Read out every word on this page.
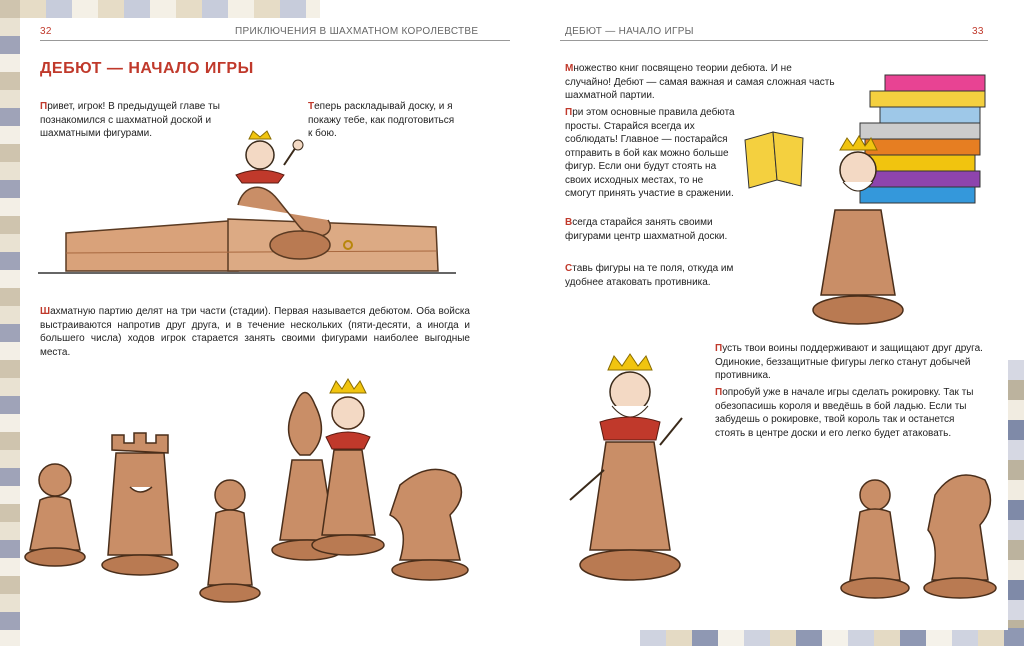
32	ПРИКЛЮЧЕНИЯ В ШАХМАТНОМ КОРОЛЕВСТВЕ
ДЕБЮТ — НАЧАЛО ИГРЫ

Привет, игрок! В предыдущей главе ты познакомился с шахматной доской и шахматными фигурами.

Теперь раскладывай доску, и я покажу тебе, как подготовиться к бою.

Шахматную партию делят на три части (стадии). Первая называется дебютом. Оба войска выстраиваются напротив друг друга, и в течение нескольких (пяти-десяти, а иногда и большего числа) ходов игрок старается занять своими фигурами наиболее выгодные места.

ДЕБЮТ — НАЧАЛО ИГРЫ	33

Множество книг посвящено теории дебюта. И не случайно! Дебют — самая важная и самая сложная часть шахматной партии.

При этом основные правила дебюта просты. Старайся всегда их соблюдать! Главное — постарайся отправить в бой как можно больше фигур. Если они будут стоять на своих исходных местах, то не смогут принять участие в сражении.

Всегда старайся занять своими фигурами центр шахматной доски.

Ставь фигуры на те поля, откуда им удобнее атаковать противника.

Пусть твои воины поддерживают и защищают друг друга. Одинокие, беззащитные фигуры легко станут добычей противника.

Попробуй уже в начале игры сделать рокировку. Так ты обезопасишь короля и введёшь в бой ладью. Если ты забудешь о рокировке, твой король так и останется стоять в центре доски и его легко будет атаковать.
